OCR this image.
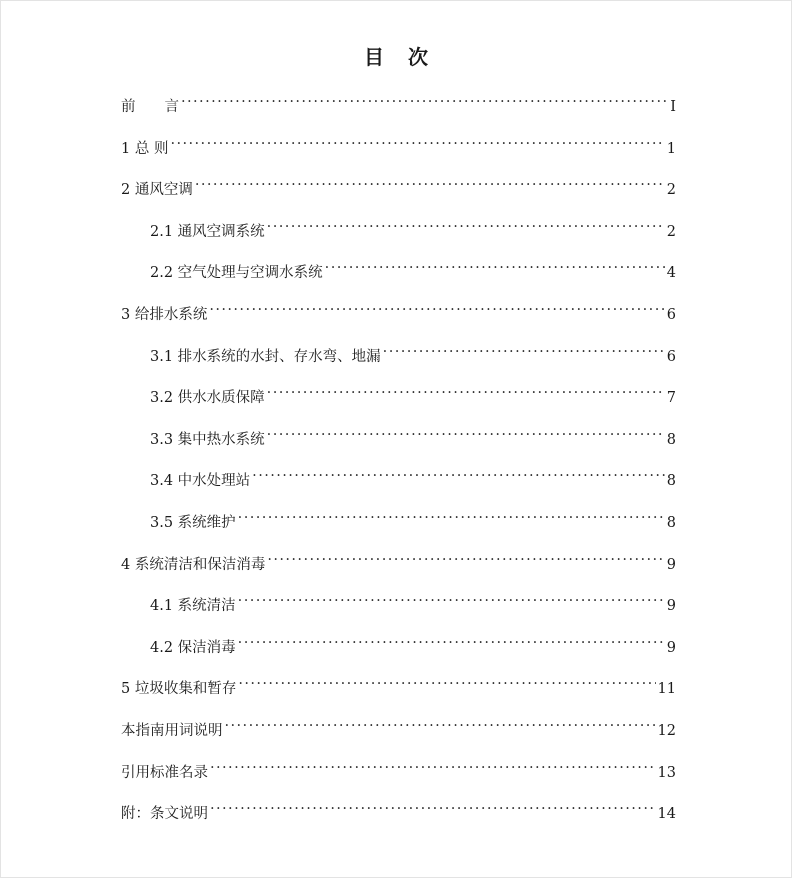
目 次
前　　言 . . .	I
1 总 则 . . .	1
2 通风空调 . . .	2
2.1 通风空调系统 . . .	2
2.2 空气处理与空调水系统 . . .	4
3 给排水系统 . . .	6
3.1 排水系统的水封、存水弯、地漏 . . .	6
3.2 供水水质保障 . . .	7
3.3 集中热水系统 . . .	8
3.4 中水处理站 . . .	8
3.5 系统维护 . . .	8
4 系统清洁和保洁消毒 . . .	9
4.1 系统清洁 . . .	9
4.2 保洁消毒 . . .	9
5 垃圾收集和暂存 . . .	11
本指南用词说明 . . .	12
引用标准名录 . . .	13
附：条文说明 . . .	14
